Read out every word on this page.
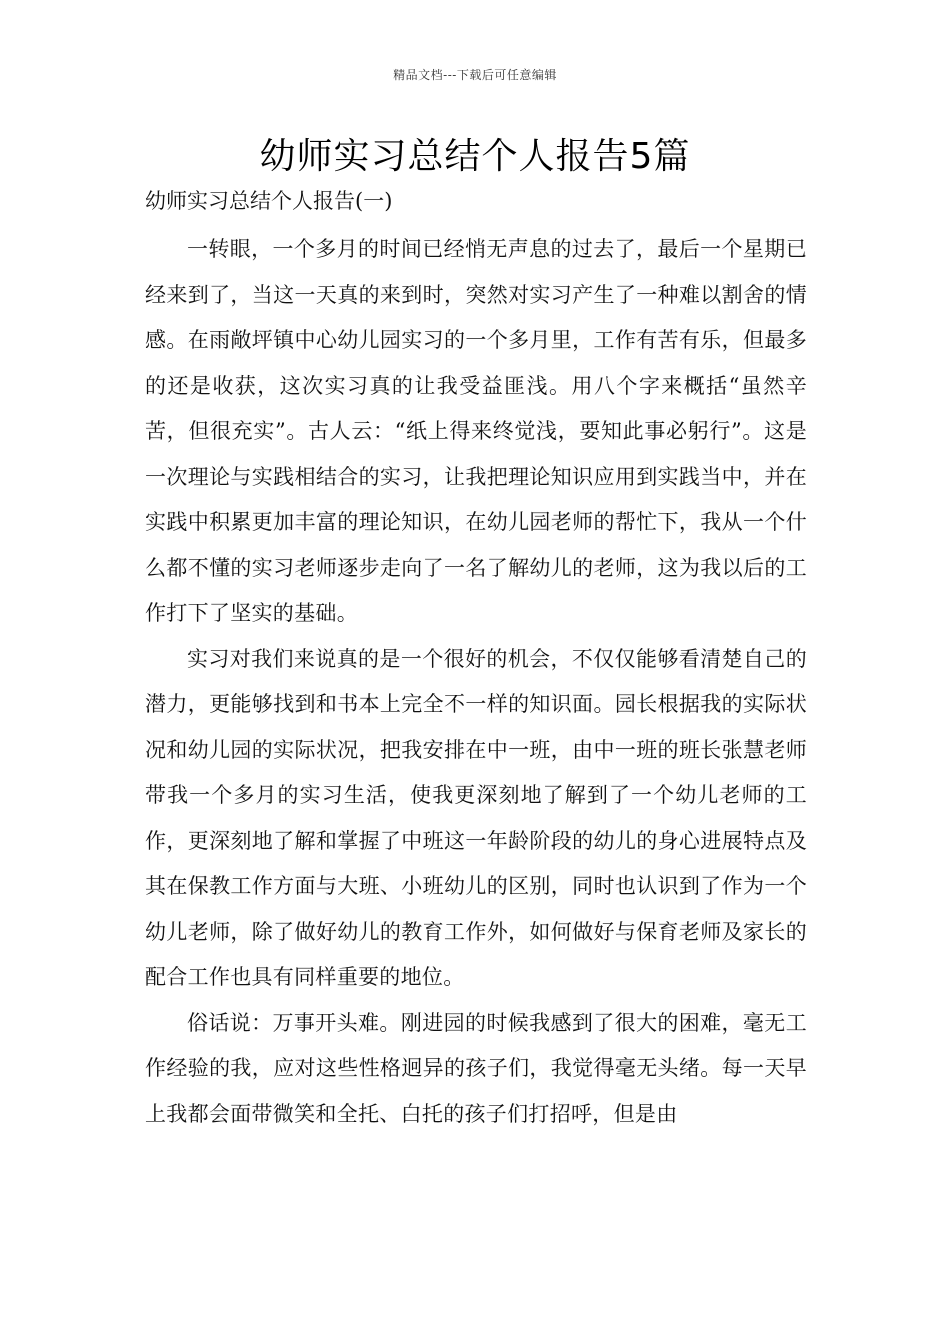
精品文档---下载后可任意编辑
幼师实习总结个人报告5篇

幼师实习总结个人报告(一)

一转眼，一个多月的时间已经悄无声息的过去了，最后一个星期已经来到了，当这一天真的来到时，突然对实习产生了一种难以割舍的情感。在雨敞坪镇中心幼儿园实习的一个多月里，工作有苦有乐，但最多的还是收获，这次实习真的让我受益匪浅。用八个字来概括“虽然辛苦，但很充实”。古人云：“纸上得来终觉浅，要知此事必躬行”。这是一次理论与实践相结合的实习，让我把理论知识应用到实践当中，并在实践中积累更加丰富的理论知识，在幼儿园老师的帮忙下，我从一个什么都不懂的实习老师逐步走向了一名了解幼儿的老师，这为我以后的工作打下了坚实的基础。

实习对我们来说真的是一个很好的机会，不仅仅能够看清楚自己的潜力，更能够找到和书本上完全不一样的知识面。园长根据我的实际状况和幼儿园的实际状况，把我安排在中一班，由中一班的班长张慧老师带我一个多月的实习生活，使我更深刻地了解到了一个幼儿老师的工作，更深刻地了解和掌握了中班这一年龄阶段的幼儿的身心进展特点及其在保教工作方面与大班、小班幼儿的区别，同时也认识到了作为一个幼儿老师，除了做好幼儿的教育工作外，如何做好与保育老师及家长的配合工作也具有同样重要的地位。

俗话说：万事开头难。刚进园的时候我感到了很大的困难，毫无工作经验的我，应对这些性格迥异的孩子们，我觉得毫无头绪。每一天早上我都会面带微笑和全托、白托的孩子们打招呼，但是由
